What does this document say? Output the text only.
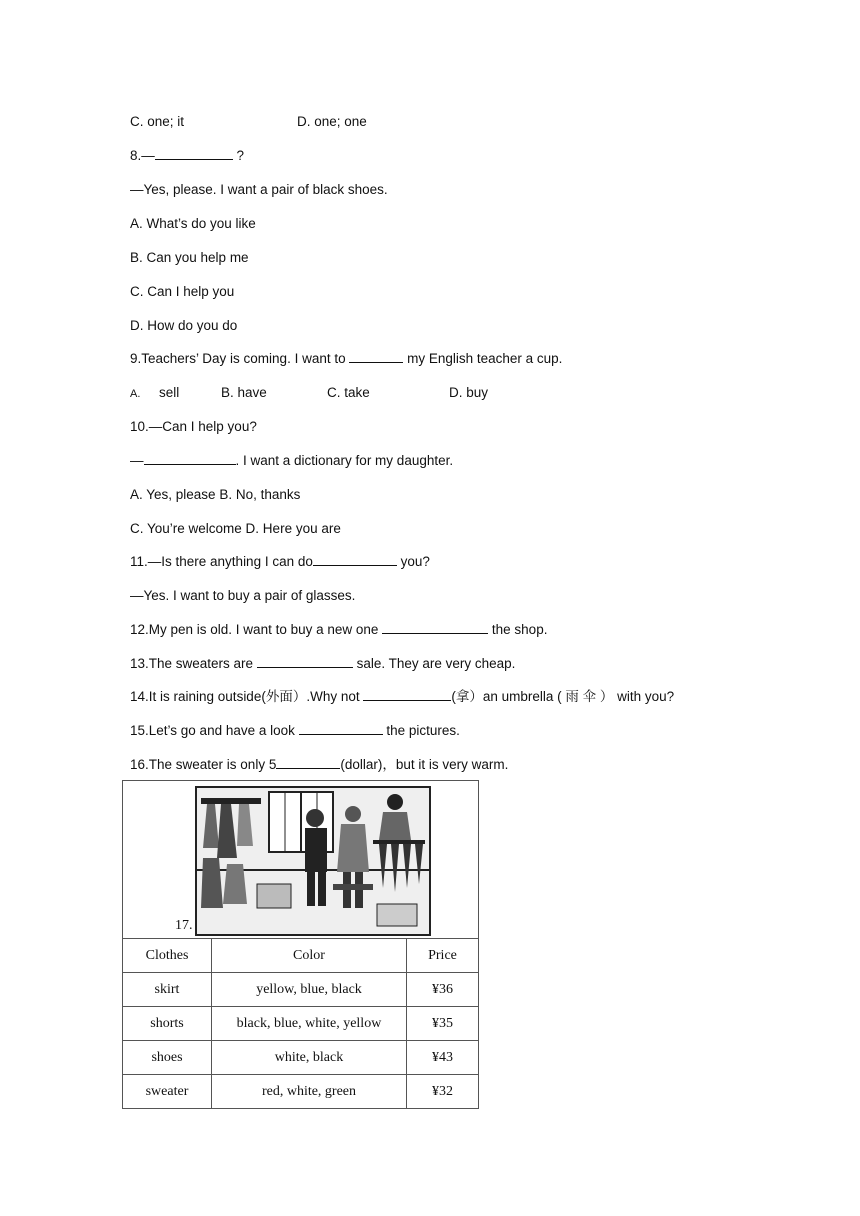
C. one; it	D. one; one
8.—	?
—Yes, please. I want a pair of black shoes.
A. What’s do you like
B. Can you help me
C. Can I help you
D. How do you do
9.Teachers’ Day is coming. I want to	my English teacher a cup.
A. sell	B. have	C. take	D. buy
10.—Can I help you?
—	. I want a dictionary for my daughter.
A. Yes, please B. No, thanks
C. You’re welcome D. Here you are
11.—Is there anything I can do	you?
—Yes. I want to buy a pair of glasses.
12.My pen is old. I want to buy a new one	the shop.
13.The sweaters are	sale. They are very cheap.
14.It is raining outside(外面）.Why not	(拿）an umbrella ( 雨 伞 ） with you?
15.Let’s go and have a look	the pictures.
16.The sweater is only 5	(dollar)，but it is very warm.
17.		

Clothes	Color	Price
skirt	yellow, blue, black	¥36
shorts	black, blue, white, yellow	¥35
shoes	white, black	¥43
sweater	red, white, green	¥32
